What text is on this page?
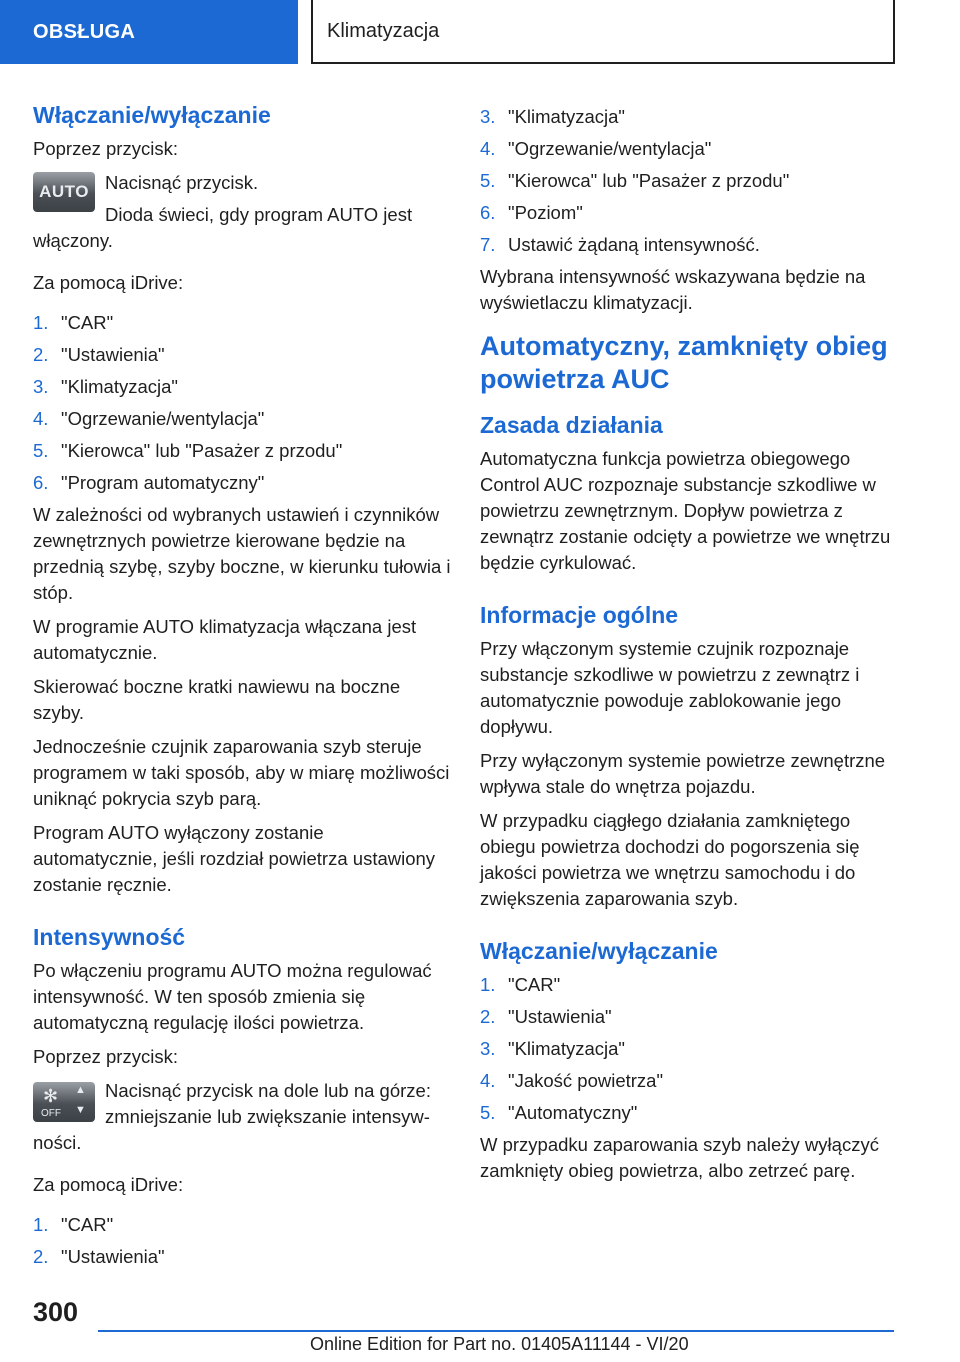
OBSŁUGA	Klimatyzacja
Włączanie/wyłączanie

Poprzez przycisk:

AUTO Nacisnąć przycisk.

Dioda świeci, gdy program AUTO jest

włączony.

Za pomocą iDrive:

1. "CAR"
2. "Ustawienia"
3. "Klimatyzacja"
4. "Ogrzewanie/wentylacja"
5. "Kierowca" lub "Pasażer z przodu"
6. "Program automatyczny"

W zależności od wybranych ustawień i czynników zewnętrznych powietrze kierowane będzie na przednią szybę, szyby boczne, w kierunku tułowia i stóp.

W programie AUTO klimatyzacja włączana jest automatycznie.

Skierować boczne kratki nawiewu na boczne szyby.

Jednocześnie czujnik zaparowania szyb steruje programem w taki sposób, aby w miarę możliwości uniknąć pokrycia szyb parą.

Program AUTO wyłączony zostanie automatycznie, jeśli rozdział powietrza ustawiony zostanie ręcznie.

Intensywność

Po włączeniu programu AUTO można regulować intensywność. W ten sposób zmienia się automatyczną regulację ilości powietrza.

Poprzez przycisk:

✻
OFF
▲
▼

Nacisnąć przycisk na dole lub na górze:

zmniejszanie lub zwiększanie intensyw-

ności.

Za pomocą iDrive:

1. "CAR"
2. "Ustawienia"
3. "Klimatyzacja"
4. "Ogrzewanie/wentylacja"
5. "Kierowca" lub "Pasażer z przodu"
6. "Poziom"
7. Ustawić żądaną intensywność.

Wybrana intensywność wskazywana będzie na wyświetlaczu klimatyzacji.

Automatyczny, zamknięty obieg powietrza AUC
Zasada działania

Automatyczna funkcja powietrza obiegowego Control AUC rozpoznaje substancje szkodliwe w powietrzu zewnętrznym. Dopływ powietrza z zewnątrz zostanie odcięty a powietrze we wnętrzu będzie cyrkulować.

Informacje ogólne

Przy włączonym systemie czujnik rozpoznaje substancje szkodliwe w powietrzu z zewnątrz i automatycznie powoduje zablokowanie jego dopływu.

Przy wyłączonym systemie powietrze zewnętrzne wpływa stale do wnętrza pojazdu.

W przypadku ciągłego działania zamkniętego obiegu powietrza dochodzi do pogorszenia się jakości powietrza we wnętrzu samochodu i do zwiększenia zaparowania szyb.

Włączanie/wyłączanie
1. "CAR"
2. "Ustawienia"
3. "Klimatyzacja"
4. "Jakość powietrza"
5. "Automatyczny"

W przypadku zaparowania szyb należy wyłączyć zamknięty obieg powietrza, albo zetrzeć parę.

300
Online Edition for Part no. 01405A11144 - VI/20
